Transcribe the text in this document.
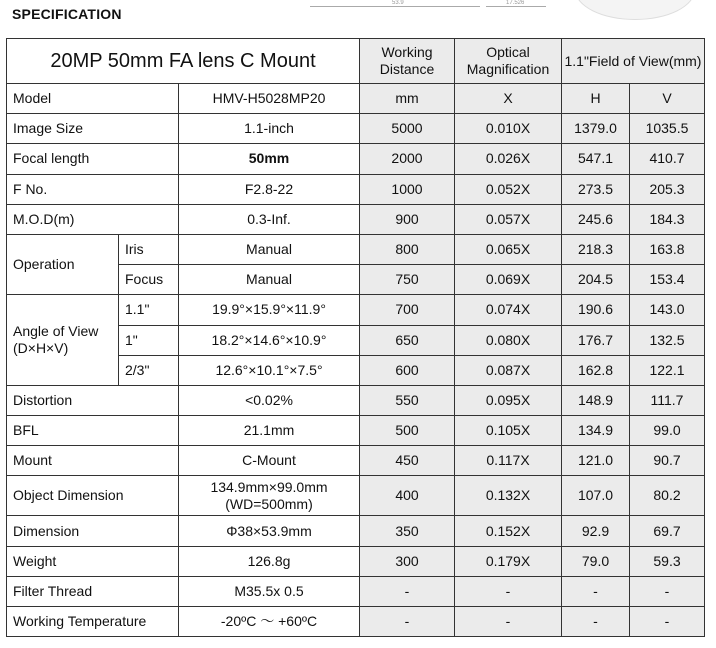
SPECIFICATION
53.9	17.526
20MP 50mm FA lens C Mount			Working Distance	Optical Magnification	1.1"Field of View(mm)	
Model		HMV-H5028MP20	mm	X	H	V
Image Size		1.1-inch	5000	0.010X	1379.0	1035.5
Focal length		50mm	2000	0.026X	547.1	410.7
F No.		F2.8-22	1000	0.052X	273.5	205.3
M.O.D(m)		0.3-Inf.	900	0.057X	245.6	184.3
Operation	Iris	Manual	800	0.065X	218.3	163.8
	Focus	Manual	750	0.069X	204.5	153.4
Angle of View (D×H×V)	1.1"	19.9°×15.9°×11.9°	700	0.074X	190.6	143.0
	1"	18.2°×14.6°×10.9°	650	0.080X	176.7	132.5
	2/3"	12.6°×10.1°×7.5°	600	0.087X	162.8	122.1
Distortion		<0.02%	550	0.095X	148.9	111.7
BFL		21.1mm	500	0.105X	134.9	99.0
Mount		C-Mount	450	0.117X	121.0	90.7
Object Dimension		134.9mm×99.0mm (WD=500mm)	400	0.132X	107.0	80.2
Dimension		Φ38×53.9mm	350	0.152X	92.9	69.7
Weight		126.8g	300	0.179X	79.0	59.3
Filter Thread		M35.5x 0.5	-	-	-	-
Working Temperature		-20ºC ～ +60ºC	-	-	-	-
